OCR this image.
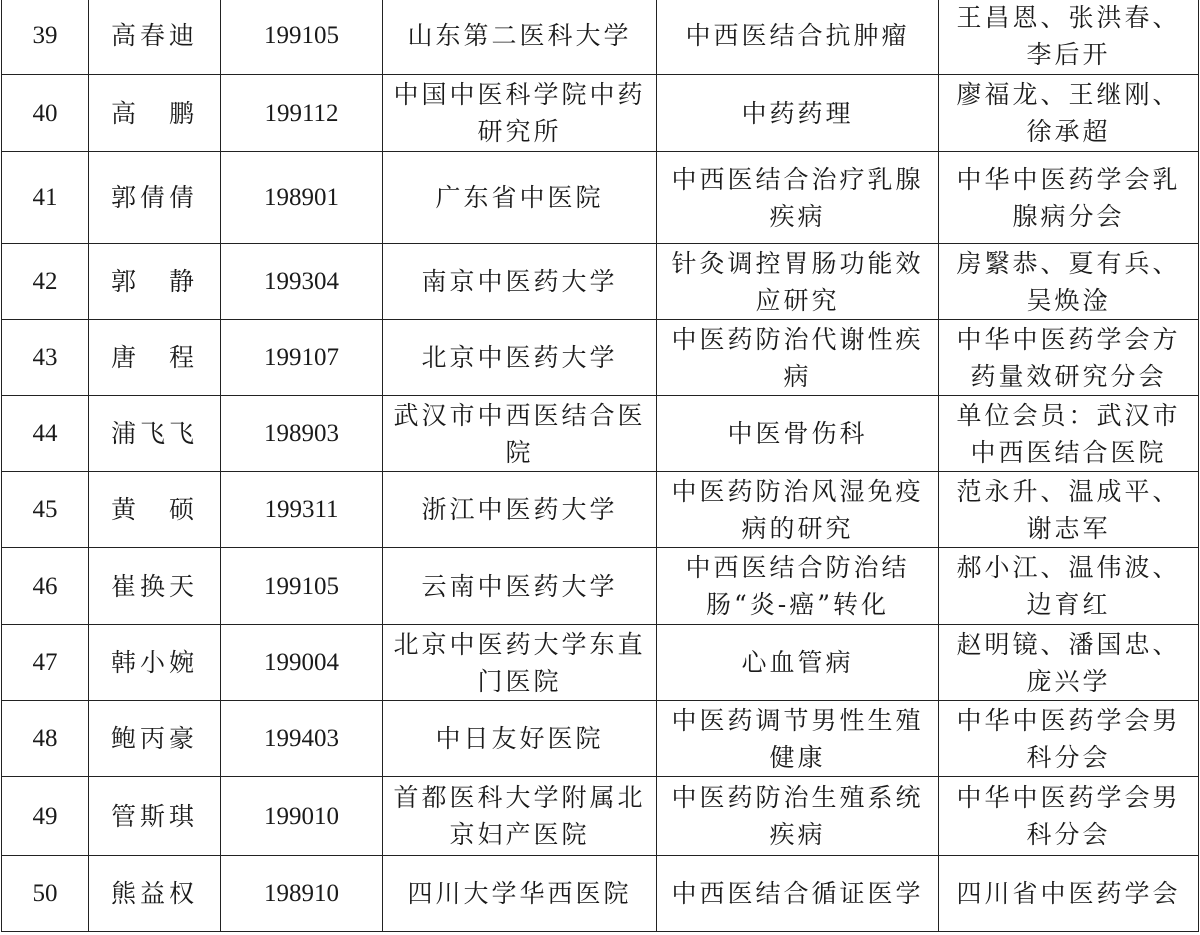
39	高春迪	199105	山东第二医科大学	中西医结合抗肿瘤	王昌恩、张洪春、李后开
40	高　鹏	199112	中国中医科学院中药研究所	中药药理	廖福龙、王继刚、徐承超
41	郭倩倩	198901	广东省中医院	中西医结合治疗乳腺疾病	中华中医药学会乳腺病分会
42	郭　静	199304	南京中医药大学	针灸调控胃肠功能效应研究	房繄恭、夏有兵、吴焕淦
43	唐　程	199107	北京中医药大学	中医药防治代谢性疾病	中华中医药学会方药量效研究分会
44	浦飞飞	198903	武汉市中西医结合医院	中医骨伤科	单位会员：武汉市中西医结合医院
45	黄　硕	199311	浙江中医药大学	中医药防治风湿免疫病的研究	范永升、温成平、谢志军
46	崔换天	199105	云南中医药大学	中西医结合防治结肠“炎-癌”转化	郝小江、温伟波、边育红
47	韩小婉	199004	北京中医药大学东直门医院	心血管病	赵明镜、潘国忠、庞兴学
48	鲍丙豪	199403	中日友好医院	中医药调节男性生殖健康	中华中医药学会男科分会
49	管斯琪	199010	首都医科大学附属北京妇产医院	中医药防治生殖系统疾病	中华中医药学会男科分会
50	熊益权	198910	四川大学华西医院	中西医结合循证医学	四川省中医药学会
